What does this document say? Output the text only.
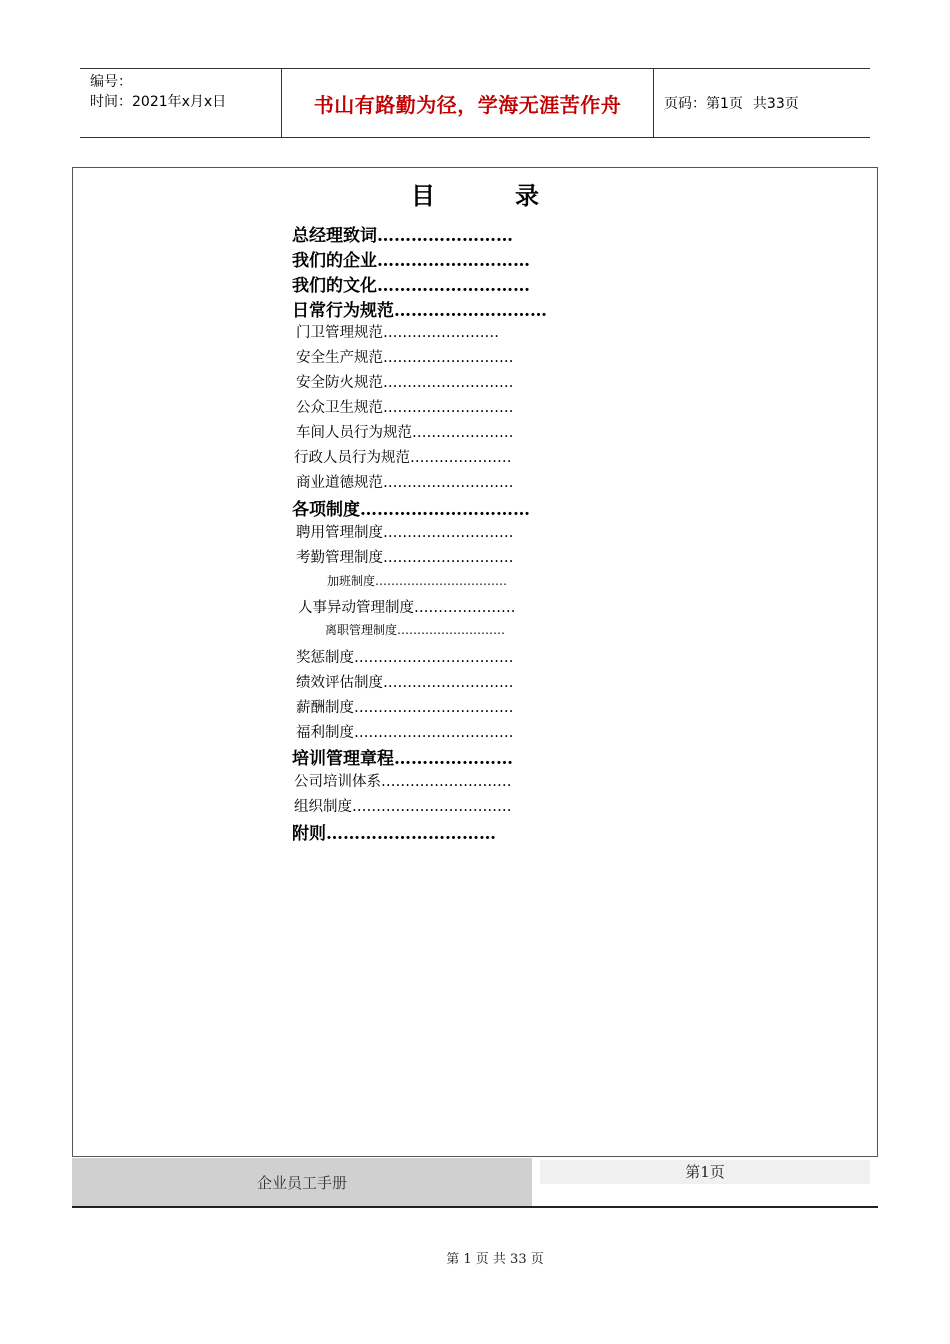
编号：
时间：2021年x月x日	书山有路勤为径，学海无涯苦作舟	页码：第1页 共33页
目录
总经理致词……………………
我们的企业………………………
我们的文化………………………
日常行为规范………………………
门卫管理规范……………………
安全生产规范………………………
安全防火规范………………………
公众卫生规范………………………
车间人员行为规范…………………
行政人员行为规范…………………
商业道德规范………………………
各项制度…………………………
聘用管理制度………………………
考勤管理制度………………………
加班制度……………………………
人事异动管理制度…………………
离职管理制度………………………
奖惩制度……………………………
绩效评估制度………………………
薪酬制度……………………………
福利制度……………………………
培训管理章程…………………
公司培训体系………………………
组织制度……………………………
附则…………………………
企业员工手册
第1页
第 1 页 共 33 页
